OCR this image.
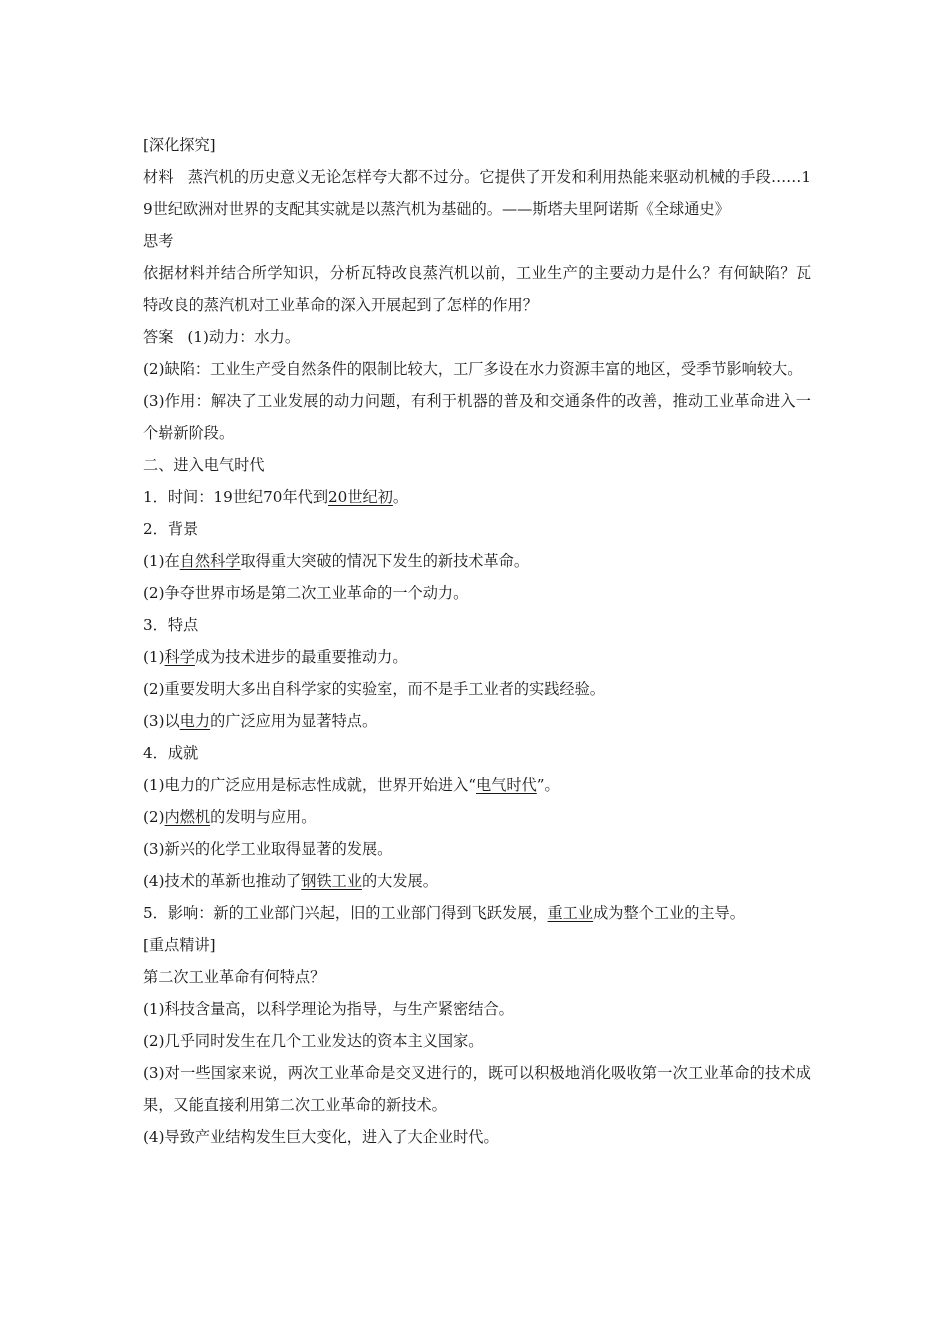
[深化探究]
材料 蒸汽机的历史意义无论怎样夸大都不过分。它提供了开发和利用热能来驱动机械的手段……19世纪欧洲对世界的支配其实就是以蒸汽机为基础的。——斯塔夫里阿诺斯《全球通史》
思考
依据材料并结合所学知识，分析瓦特改良蒸汽机以前，工业生产的主要动力是什么？有何缺陷？瓦特改良的蒸汽机对工业革命的深入开展起到了怎样的作用？
答案 (1)动力：水力。
(2)缺陷：工业生产受自然条件的限制比较大，工厂多设在水力资源丰富的地区，受季节影响较大。
(3)作用：解决了工业发展的动力问题，有利于机器的普及和交通条件的改善，推动工业革命进入一个崭新阶段。
二、进入电气时代
1．时间：19世纪70年代到20世纪初。
2．背景
(1)在自然科学取得重大突破的情况下发生的新技术革命。
(2)争夺世界市场是第二次工业革命的一个动力。
3．特点
(1)科学成为技术进步的最重要推动力。
(2)重要发明大多出自科学家的实验室，而不是手工业者的实践经验。
(3)以电力的广泛应用为显著特点。
4．成就
(1)电力的广泛应用是标志性成就，世界开始进入“电气时代”。
(2)内燃机的发明与应用。
(3)新兴的化学工业取得显著的发展。
(4)技术的革新也推动了钢铁工业的大发展。
5．影响：新的工业部门兴起，旧的工业部门得到飞跃发展，重工业成为整个工业的主导。
[重点精讲]
第二次工业革命有何特点？
(1)科技含量高，以科学理论为指导，与生产紧密结合。
(2)几乎同时发生在几个工业发达的资本主义国家。
(3)对一些国家来说，两次工业革命是交叉进行的，既可以积极地消化吸收第一次工业革命的技术成果，又能直接利用第二次工业革命的新技术。
(4)导致产业结构发生巨大变化，进入了大企业时代。
